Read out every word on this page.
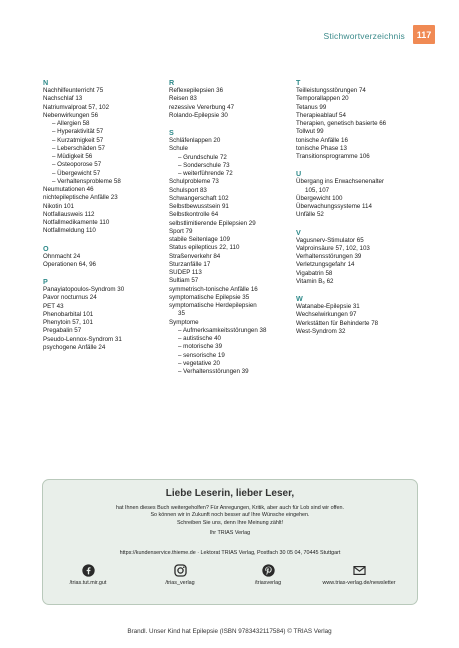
Stichwortverzeichnis	117
N
Nachhilfeunterricht 75
Nachschlaf 13
Natriumvalproat 57, 102
Nebenwirkungen 56
– Allergien 58
– Hyperaktivität 57
– Kurzatmigkeit 57
– Leberschäden 57
– Müdigkeit 56
– Osteoporose 57
– Übergewicht 57
– Verhaltensprobleme 58
Neumutationen 46
nichtepileptische Anfälle 23
Nikotin 101
Notfallausweis 112
Notfallmedikamente 110
Notfallmeldung 110
O
Ohnmacht 24
Operationen 64, 96
P
Panayiatopoulos-Syndrom 30
Pavor nocturnus 24
PET 43
Phenobarbital 101
Phenytoin 57, 101
Pregabalin 57
Pseudo-Lennox-Syndrom 31
psychogene Anfälle 24
R
Reflexepilepsien 36
Reisen 83
rezessive Vererbung 47
Rolando-Epilepsie 30
S
Schläfenlappen 20
Schule
– Grundschule 72
– Sonderschule 73
– weiterführende 72
Schulprobleme 73
Schulsport 83
Schwangerschaft 102
Selbstbewusstsein 91
Selbstkontrolle 64
selbstlimitierende Epilepsien 29
Sport 79
stabile Seitenlage 109
Status epilepticus 22, 110
Straßenverkehr 84
Sturzanfälle 17
SUDEP 113
Sultiam 57
symmetrisch-tonische Anfälle 16
symptomatische Epilepsie 35
symptomatische Herdepilepsien
35
Symptome
– Aufmerksamkeitsstörungen 38
– autistische 40
– motorische 39
– sensorische 19
– vegetative 20
– Verhaltensstörungen 39
T
Teilleistungsstörungen 74
Temporallappen 20
Tetanus 99
Therapieablauf 54
Therapien, genetisch basierte 66
Tollwut 99
tonische Anfälle 16
tonische Phase 13
Transitionsprogramme 106
U
Übergang ins Erwachsenenalter
105, 107
Übergewicht 100
Überwachungssysteme 114
Unfälle 52
V
Vagusnerv-Stimulator 65
Valproinsäure 57, 102, 103
Verhaltensstörungen 39
Verletzungsgefahr 14
Vigabatrin 58
Vitamin B₆ 62
W
Watanabe-Epilepsie 31
Wechselwirkungen 97
Werkstätten für Behinderte 78
West-Syndrom 32
Liebe Leserin, lieber Leser,
hat Ihnen dieses Buch weitergeholfen? Für Anregungen, Kritik, aber auch für Lob sind wir offen.
So können wir in Zukunft noch besser auf Ihre Wünsche eingehen.
Schreiben Sie uns, denn Ihre Meinung zählt!
Ihr TRIAS Verlag
https://kundenservice.thieme.de · Lektorat TRIAS Verlag, Postfach 30 05 04, 70445 Stuttgart
/trias.tut.mir.gut	/trias_verlag	/triasverlag	www.trias-verlag.de/newsletter
Brandl. Unser Kind hat Epilepsie (ISBN 9783432117584) © TRIAS Verlag
